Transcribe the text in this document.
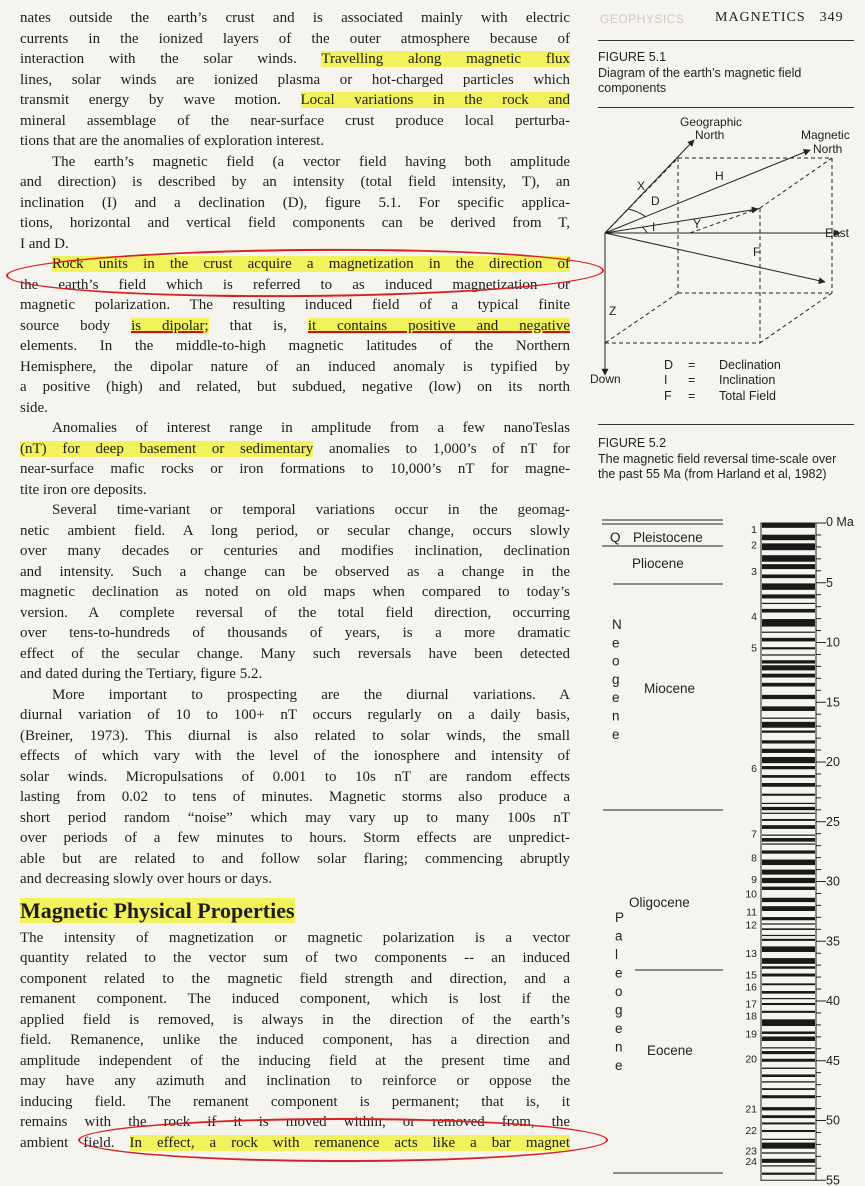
GEOPHYSICS MAGNETICS 349
nates outside the earth’s crust and is associated mainly with electric
currents in the ionized layers of the outer atmosphere because of
interaction with the solar winds. Travelling along magnetic flux
lines, solar winds are ionized plasma or hot-charged particles which
transmit energy by wave motion. Local variations in the rock and
mineral assemblage of the near-surface crust produce local perturba-
tions that are the anomalies of exploration interest.
The earth’s magnetic field (a vector field having both amplitude
and direction) is described by an intensity (total field intensity, T), an
inclination (I) and a declination (D), figure 5.1. For specific applica-
tions, horizontal and vertical field components can be derived from T,
I and D.
Rock units in the crust acquire a magnetization in the direction of
the earth’s field which is referred to as induced magnetization or
magnetic polarization. The resulting induced field of a typical finite
source body is dipolar; that is, it contains positive and negative
elements. In the middle-to-high magnetic latitudes of the Northern
Hemisphere, the dipolar nature of an induced anomaly is typified by
a positive (high) and related, but subdued, negative (low) on its north
side.
Anomalies of interest range in amplitude from a few nanoTeslas
(nT) for deep basement or sedimentary anomalies to 1,000’s of nT for
near-surface mafic rocks or iron formations to 10,000’s nT for magne-
tite iron ore deposits.
Several time-variant or temporal variations occur in the geomag-
netic ambient field. A long period, or secular change, occurs slowly
over many decades or centuries and modifies inclination, declination
and intensity. Such a change can be observed as a change in the
magnetic declination as noted on old maps when compared to today’s
version. A complete reversal of the total field direction, occurring
over tens-to-hundreds of thousands of years, is a more dramatic
effect of the secular change. Many such reversals have been detected
and dated during the Tertiary, figure 5.2.
More important to prospecting are the diurnal variations. A
diurnal variation of 10 to 100+ nT occurs regularly on a daily basis,
(Breiner, 1973). This diurnal is also related to solar winds, the small
effects of which vary with the level of the ionosphere and intensity of
solar winds. Micropulsations of 0.001 to 10s nT are random effects
lasting from 0.02 to tens of minutes. Magnetic storms also produce a
short period random “noise” which may vary up to many 100s nT
over periods of a few minutes to hours. Storm effects are unpredict-
able but are related to and follow solar flaring; commencing abruptly
and decreasing slowly over hours or days.
Magnetic Physical Properties
The intensity of magnetization or magnetic polarization is a vector
quantity related to the vector sum of two components -- an induced
component related to the magnetic field strength and direction, and a
remanent component. The induced component, which is lost if the
applied field is removed, is always in the direction of the earth’s
field. Remanence, unlike the induced component, has a direction and
amplitude independent of the inducing field at the present time and
may have any azimuth and inclination to reinforce or oppose the
inducing field. The remanent component is permanent; that is, it
remains with the rock if it is moved within, or removed from, the
ambient field. In effect, a rock with remanence acts like a bar magnet
FIGURE 5.1
Diagram of the earth’s magnetic field components
Geographic
North	Magnetic
North
East
Down
X
Y
Z
H
D
I
F
D = Declination
I = Inclination
F = Total Field
FIGURE 5.2
The magnetic field reversal time-scale over the past 55 Ma (from Harland et al, 1982)
Q Pleistocene
Pliocene
Miocene
Oligocene
Eocene
N
e
o
g
e
n
e
P
a
l
e
o
g
e
n
e
1
2
3
4
5
6
7
8
9
10
11
12
13
15
16
17
18
19
20
21
22
23
24
0 Ma
5
10
15
20
25
30
35
40
45
50
55
